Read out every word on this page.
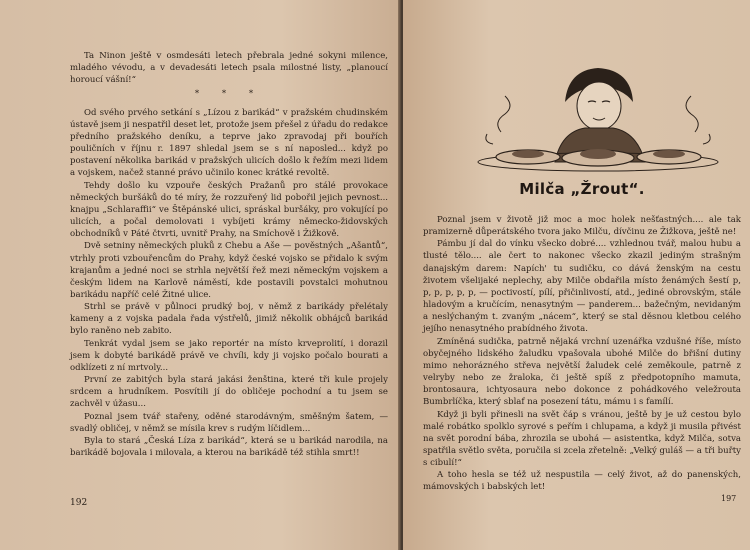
Ta Ninon ještě v osmdesáti letech přebrala jedné sokyni milence, mladého vévodu, a v devadesáti letech psala milostné listy, „planoucí horoucí vášní!“

* * *

Od svého prvého setkání s „Lízou z barikád“ v pražském chudinském ústavě jsem ji nespatřil deset let, protože jsem přešel z úřadu do redakce předního pražského deníku, a teprve jako zpravodaj při bouřích pouličních v říjnu r. 1897 shledal jsem se s ní naposled... když po postavení několika barikád v pražských ulicích došlo k řežím mezi lidem a vojskem, načež stanné právo učinilo konec krátké revoltě.

Tehdy došlo ku vzpouře českých Pražanů pro stálé provokace německých buršáků do té míry, že rozzuřený lid pobořil jejich pevnost... knajpu „Schlaraffii“ ve Štěpánské ulici, spráskal buršáky, pro vokující po ulicích, a počal demolovati i vybíjeti krámy německo-židovských obchodníků v Páté čtvrti, uvnitř Prahy, na Smíchově i Žižkově.

Dvě setniny německých pluků z Chebu a Aše — pověstných „Ašantů“, vtrhly proti vzbouřencům do Prahy, když české vojsko se přidalo k svým krajanům a jedné noci se strhla největší řež mezi německým vojskem a českým lidem na Karlově náměstí, kde postavili povstalci mohutnou barikádu napříč celé Žitné ulice.

Strhl se právě v půlnoci prudký boj, v němž z barikády přelétaly kameny a z vojska padala řada výstřelů, jimiž několik obhájců barikád bylo raněno neb zabito.

Tenkrát vydal jsem se jako reportér na místo krveprolití, i dorazil jsem k dobyté barikádě právě ve chvíli, kdy ji vojsko počalo bourati a odklízeti z ní mrtvoly...

První ze zabitých byla stará jakási ženština, které tři kule projely srdcem a hrudníkem. Posvítili jí do obličeje pochodní a tu jsem se zachvěl v úžasu...

Poznal jsem tvář stařeny, oděné starodávným, směšným šatem, — svadlý obličej, v němž se mísila krev s rudým líčidlem...

Byla to stará „Česká Líza z barikád“, která se u barikád narodila, na barikádě bojovala i milovala, a kterou na barikádě též stihla smrt!!

192
Milča „Žrout“.

Poznal jsem v životě již moc a moc holek nešťastných.... ale tak pramizerně důperátského tvora jako Milču, dívčinu ze Žižkova, ještě ne!

Pámbu jí dal do vínku všecko dobré.... vzhlednou tvář, malou hubu a tlusté tělo.... ale čert to nakonec všecko zkazil jediným strašným danajským darem: Napích' tu sudičku, co dává ženským na cestu životem všelijaké neplechy, aby Milče obdařila místo ženámých šestí p, p, p, p, p, p, — poctivostí, pílí, přičinlivostí, atd., jediné obrovským, stále hladovým a kručícím, nenasytným — panderem... bažečným, nevidaným a neslýchaným t. zvaným „nácem“, který se stal děsnou kletbou celého jejího nenasytného prabídného života.

Zmíněná sudička, patrně nějaká vrchní uzenářka vzdušné říše, místo obyčejného lidského žaludku vpašovala ubohé Milče do břišní dutiny mimo nehorázného střeva největší žaludek celé zeměkoule, patrně z velryby nebo ze žraloka, či ještě spíš z předpotopního mamuta, brontosaura, ichtyosaura nebo dokonce z pohádkového veležrouta Bumbrlíčka, který sblaf na posezení tátu, mámu i s famílí.

Když ji byli přinesli na svět čáp s vránou, ještě by je už cestou bylo malé robátko spolklo syrové s peřím i chlupama, a když ji musila přivést na svět porodní bába, zhrozila se ubohá — asistentka, když Milča, sotva spatřila světlo světa, poručila si zcela zřetelně: „Velký guláš — a tři buřty s cibulí!“

A toho hesla se též už nespustila — celý život, až do panenských, mámovských i babských let!

197
